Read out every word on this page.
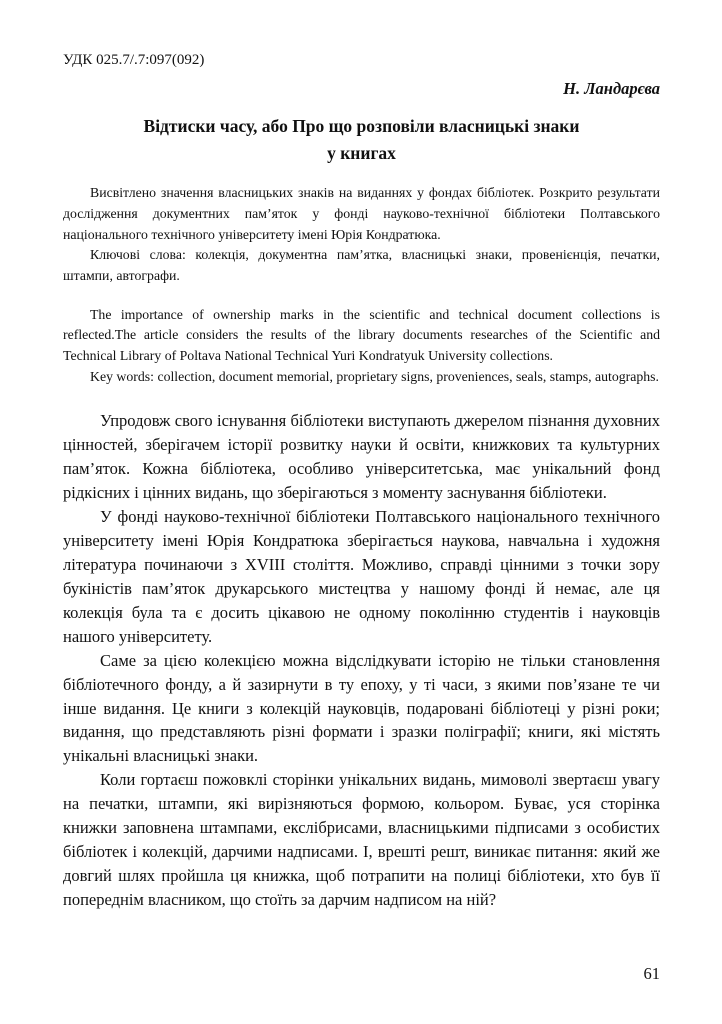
УДК 025.7/.7:097(092)
Н. Ландарєва
Відтиски часу, або Про що розповіли власницькі знаки
у книгах

Висвітлено значення власницьких знаків на виданнях у фондах бібліотек. Розкрито результати дослідження документних пам’яток у фонді науково-технічної бібліотеки Полтавського національного технічного університету імені Юрія Кондратюка.

Ключові слова: колекція, документна пам’ятка, власницькі знаки, провенієнція, печатки, штампи, автографи.

The importance of ownership marks in the scientific and technical document collections is reflected.The article considers the results of the library documents researches of the Scientific and Technical Library of Poltava National Technical Yuri Kondratyuk University collections.

Key words: collection, document memorial, proprietary signs, proveniences, seals, stamps, autographs.

Упродовж свого існування бібліотеки виступають джерелом пізнання духовних цінностей, зберігачем історії розвитку науки й освіти, книжкових та культурних пам’яток. Кожна бібліотека, особливо університетська, має унікальний фонд рідкісних і цінних видань, що зберігаються з моменту заснування бібліотеки.

У фонді науково-технічної бібліотеки Полтавського національного технічного університету імені Юрія Кондратюка зберігається наукова, навчальна і художня література починаючи з XVIII століття. Можливо, справді цінними з точки зору букіністів пам’яток друкарського мистецтва у нашому фонді й немає, але ця колекція була та є досить цікавою не одному поколінню студентів і науковців нашого університету.

Саме за цією колекцією можна відслідкувати історію не тільки становлення бібліотечного фонду, а й зазирнути в ту епоху, у ті часи, з якими пов’язане те чи інше видання. Це книги з колекцій науковців, подаровані бібліотеці у різні роки; видання, що представляють різні формати і зразки поліграфії; книги, які містять унікальні власницькі знаки.

Коли гортаєш пожовклі сторінки унікальних видань, мимоволі звертаєш увагу на печатки, штампи, які вирізняються формою, кольором. Буває, уся сторінка книжки заповнена штампами, екслібрисами, власницькими підписами з особистих бібліотек і колекцій, дарчими надписами. І, врешті решт, виникає питання: який же довгий шлях пройшла ця книжка, щоб потрапити на полиці бібліотеки, хто був її попереднім власником, що стоїть за дарчим надписом на ній?

61
